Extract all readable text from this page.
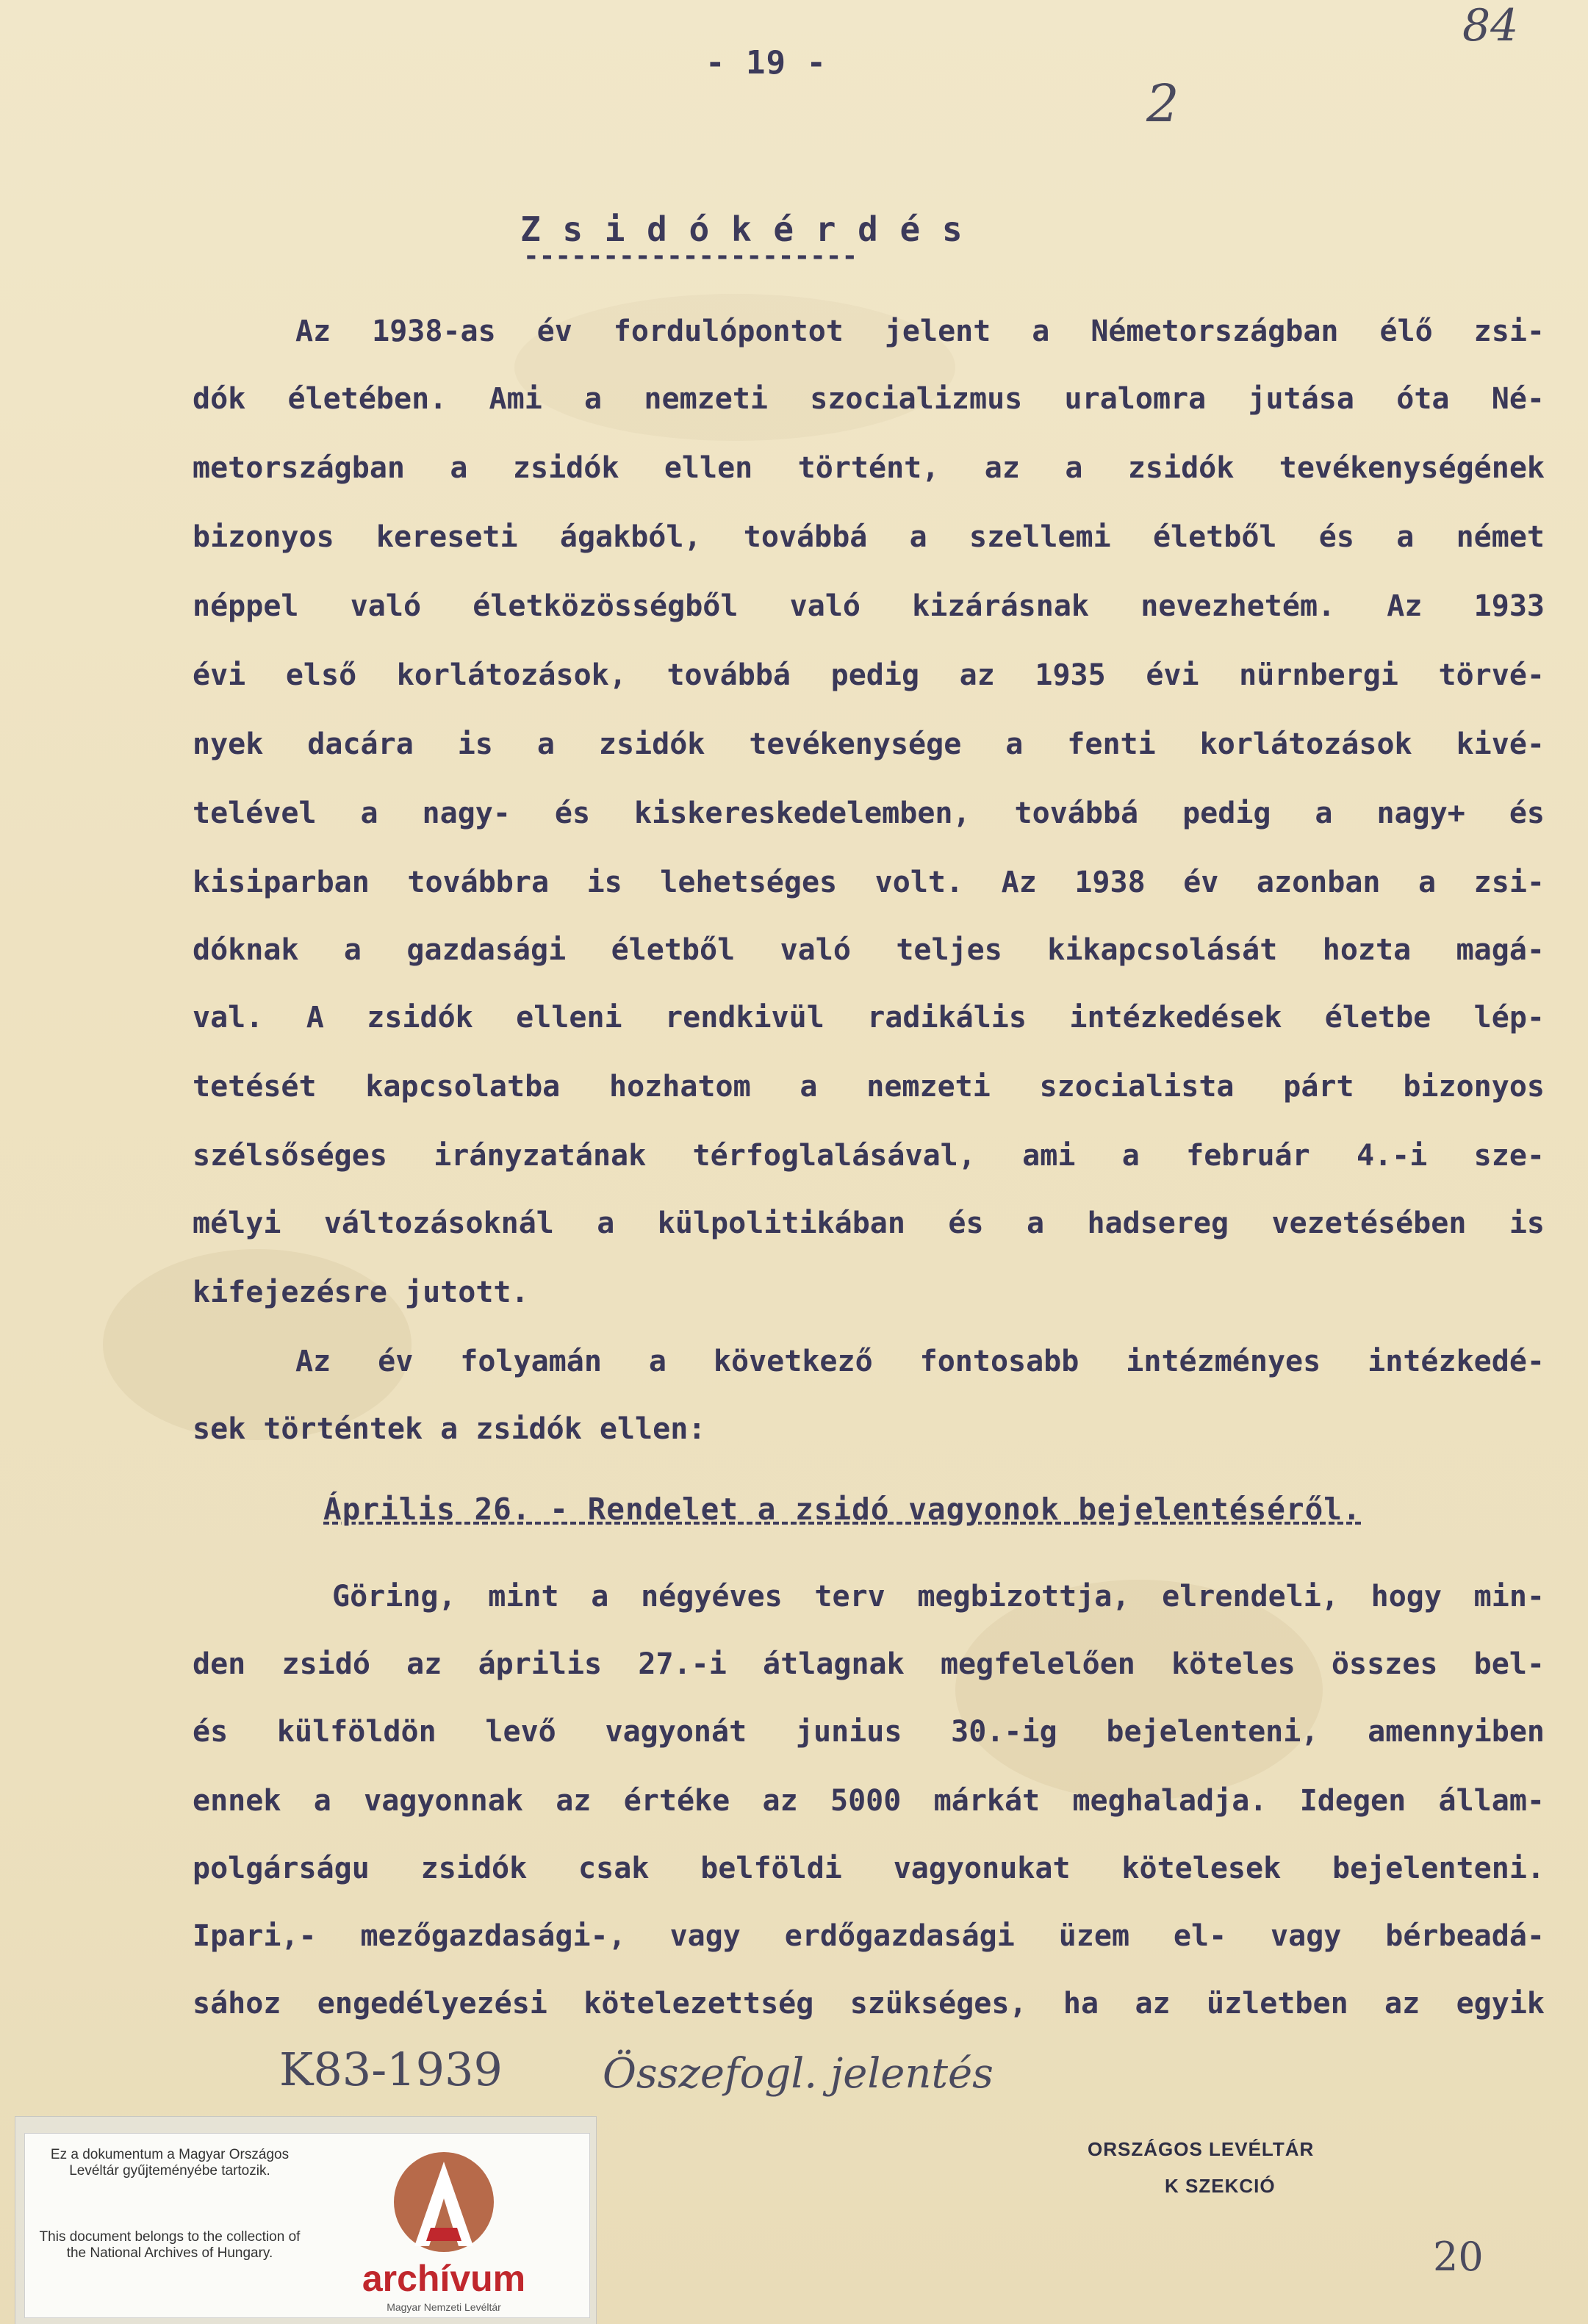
- 19 -
84
2
Z s i d ó k é r d é s
---------------------
Az 1938-as év fordulópontot jelent a Németországban élő zsi-
dók életében. Ami a nemzeti szocializmus uralomra jutása óta Né-
metországban a zsidók ellen történt, az a zsidók tevékenységének
bizonyos kereseti ágakból, továbbá a szellemi életből és a német
néppel való életközösségből való kizárásnak nevezhetém. Az 1933
évi első korlátozások, továbbá pedig az 1935 évi nürnbergi törvé-
nyek dacára is a zsidók tevékenysége a fenti korlátozások kivé-
telével a nagy- és kiskereskedelemben, továbbá pedig a nagy+ és
kisiparban továbbra is lehetséges volt. Az 1938 év azonban a zsi-
dóknak a gazdasági életből való teljes kikapcsolását hozta magá-
val. A zsidók elleni rendkivül radikális intézkedések életbe lép-
tetését kapcsolatba hozhatom a nemzeti szocialista párt bizonyos
szélsőséges irányzatának térfoglalásával, ami a február 4.-i sze-
mélyi változásoknál a külpolitikában és a hadsereg vezetésében is
kifejezésre jutott.
Az év folyamán a következő fontosabb intézményes intézkedé-
sek történtek a zsidók ellen:
Április 26. - Rendelet a zsidó vagyonok bejelentéséről.
Göring, mint a négyéves terv megbizottja, elrendeli, hogy min-
den zsidó az április 27.-i átlagnak megfelelően köteles összes bel-
és külföldön levő vagyonát junius 30.-ig bejelenteni, amennyiben
ennek a vagyonnak az értéke az 5000 márkát meghaladja. Idegen állam-
polgárságu zsidók csak belföldi vagyonukat kötelesek bejelenteni.
Ipari,- mezőgazdasági-, vagy erdőgazdasági üzem el- vagy bérbeadá-
sához engedélyezési kötelezettség szükséges, ha az üzletben az egyik
K83-1939 Összefogl. jelentés
Ez a dokumentum a Magyar Országos Levéltár gyűjteményébe tartozik.
This document belongs to the collection of the National Archives of Hungary.
archívum
Magyar Nemzeti Levéltár
ORSZÁGOS LEVÉLTÁR
K SZEKCIÓ
20
